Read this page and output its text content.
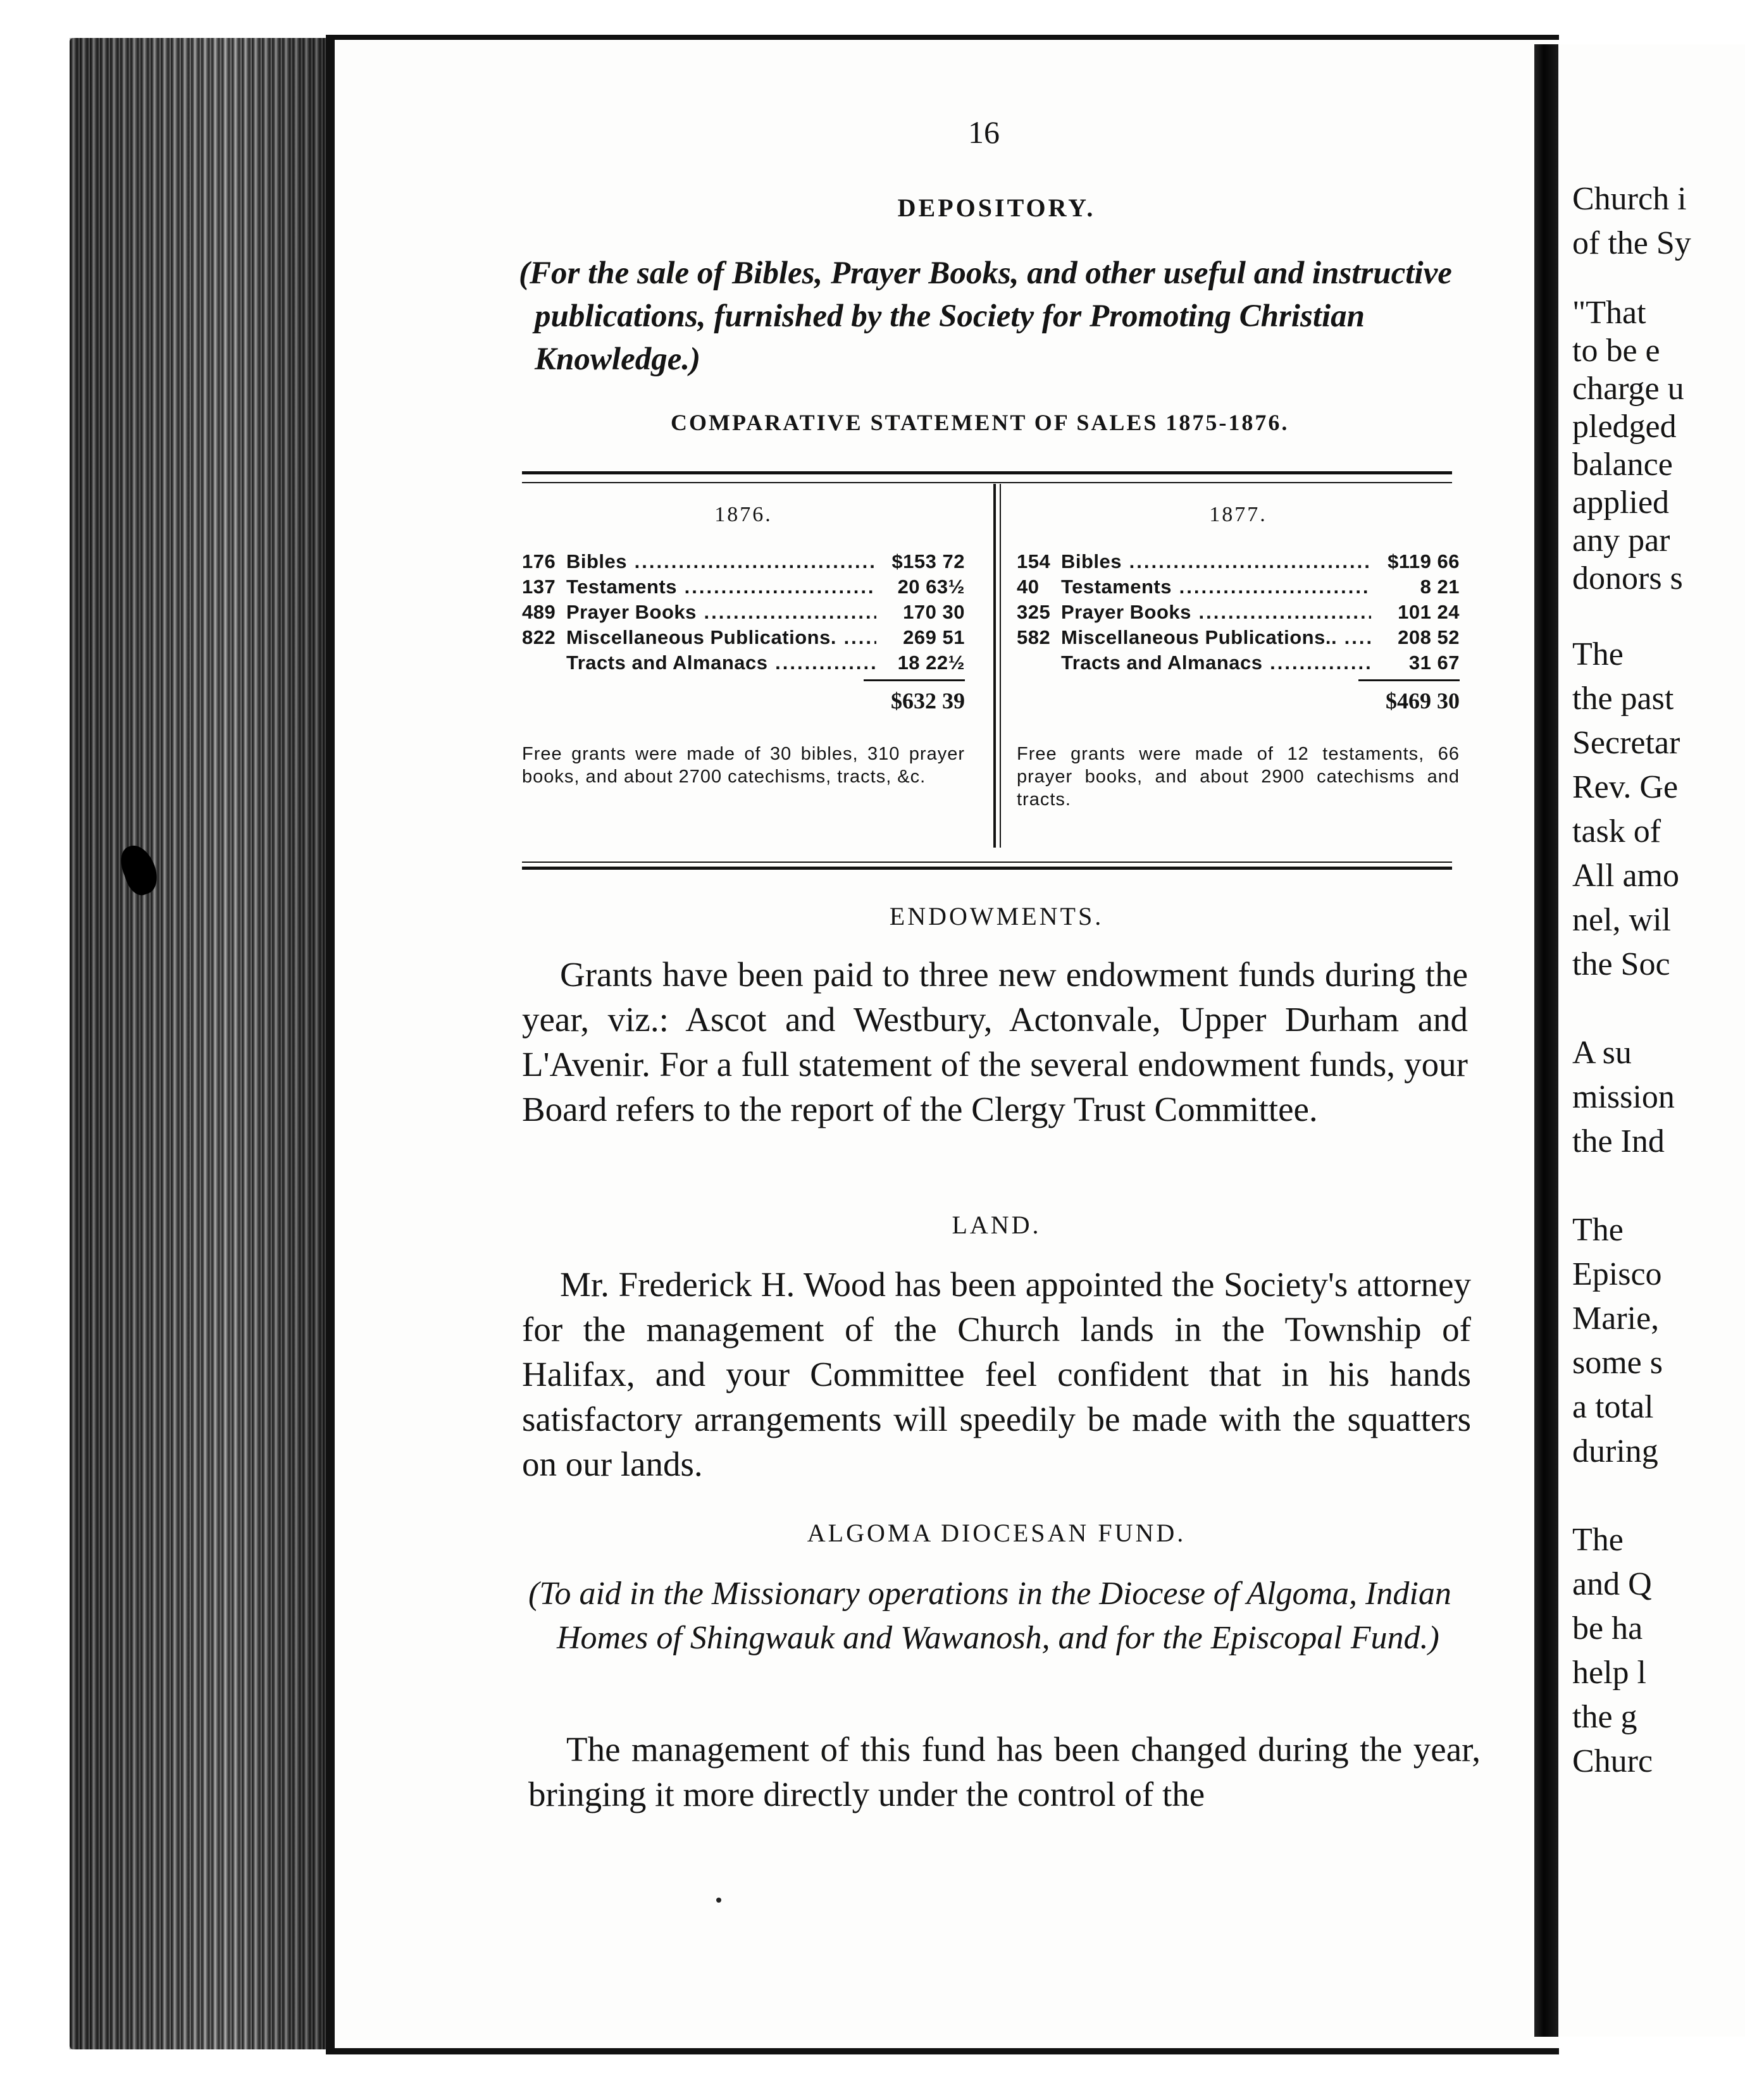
16
DEPOSITORY.
(For the sale of Bibles, Prayer Books, and other useful and instructive publications, furnished by the Society for Promoting Christian Knowledge.)
COMPARATIVE STATEMENT OF SALES 1875-1876.
1876.
176 Bibles .....	$153 72
137 Testaments .....	20 63½
489 Prayer Books .....	170 30
822 Miscellaneous Publications. .....	269 51
Tracts and Almanacs .....	18 22½
$632 39
Free grants were made of 30 bibles, 310 prayer books, and about 2700 catechisms, tracts, &c.
1877.
154 Bibles .....	$119 66
40	Testaments .....	8 21
325 Prayer Books .....	101 24
582 Miscellaneous Publications.. .....	208 52
Tracts and Almanacs .....	31 67
$469 30
Free grants were made of 12 testaments, 66 prayer books, and about 2900 catechisms and tracts.
ENDOWMENTS.
Grants have been paid to three new endowment funds during the year, viz.: Ascot and Westbury, Actonvale, Upper Durham and L'Avenir. For a full statement of the several endowment funds, your Board refers to the report of the Clergy Trust Committee.
LAND.
Mr. Frederick H. Wood has been appointed the Society's attorney for the management of the Church lands in the Township of Halifax, and your Committee feel confident that in his hands satisfactory arrangements will speedily be made with the squatters on our lands.
ALGOMA DIOCESAN FUND.
(To aid in the Missionary operations in the Diocese of Algoma, Indian Homes of Shingwauk and Wawanosh, and for the Episcopal Fund.)
The management of this fund has been changed during the year, bringing it more directly under the control of the
Church i
of the Sy
"That
to be e
charge u
pledged
balance
applied
any par
donors s
The
the past
Secretar
Rev. Ge
task of
All amo
nel, wil
the Soc
A su
mission
the Ind
The
Episco
Marie,
some s
a total
during
The
and Q
be ha
help l
the g
Churc
